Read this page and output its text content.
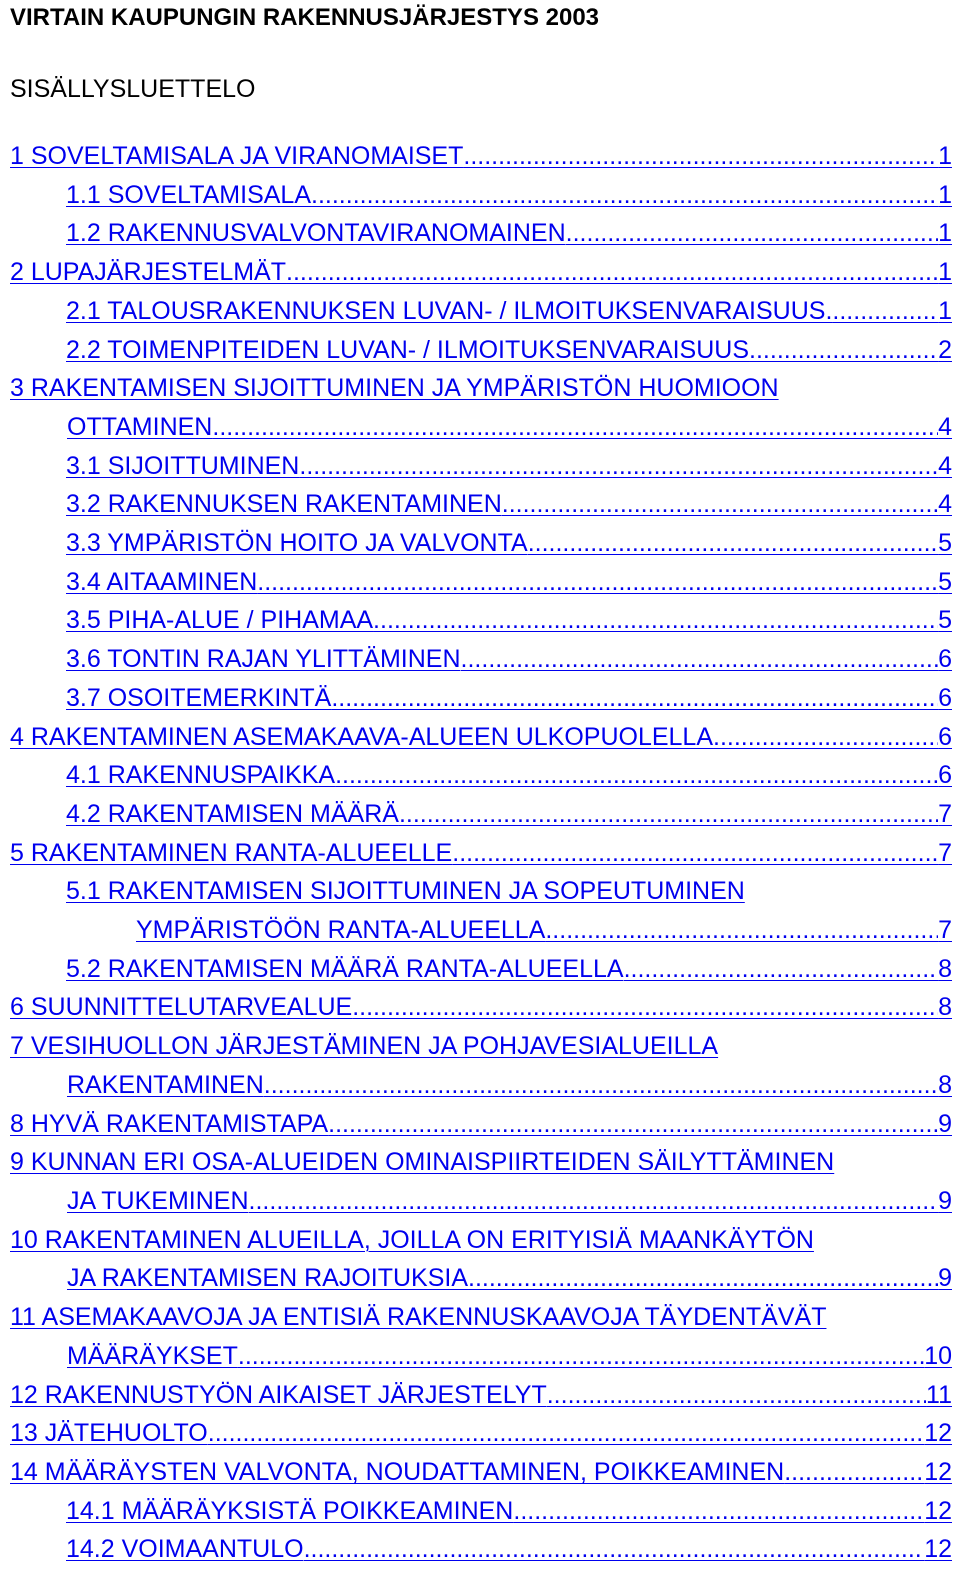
VIRTAIN KAUPUNGIN RAKENNUSJÄRJESTYS 2003
SISÄLLYSLUETTELO
1 SOVELTAMISALA JA VIRANOMAISET .....	1
1.1 SOVELTAMISALA .....	1
1.2 RAKENNUSVALVONTAVIRANOMAINEN .....	1
2 LUPAJÄRJESTELMÄT .....	1
2.1 TALOUSRAKENNUKSEN LUVAN- / ILMOITUKSENVARAISUUS. .....	1
2.2 TOIMENPITEIDEN LUVAN- / ILMOITUKSENVARAISUUS .....	2
3 RAKENTAMISEN SIJOITTUMINEN JA YMPÄRISTÖN HUOMIOON
OTTAMINEN .....	4
3.1 SIJOITTUMINEN .....	4
3.2 RAKENNUKSEN RAKENTAMINEN .....	4
3.3 YMPÄRISTÖN HOITO JA VALVONTA .....	5
3.4 AITAAMINEN .....	5
3.5 PIHA-ALUE / PIHAMAA .....	5
3.6 TONTIN RAJAN YLITTÄMINEN .....	6
3.7 OSOITEMERKINTÄ .....	6
4 RAKENTAMINEN ASEMAKAAVA-ALUEEN ULKOPUOLELLA .....	6
4.1 RAKENNUSPAIKKA .....	6
4.2 RAKENTAMISEN MÄÄRÄ .....	7
5 RAKENTAMINEN RANTA-ALUEELLE .....	7
5.1 RAKENTAMISEN SIJOITTUMINEN JA SOPEUTUMINEN
YMPÄRISTÖÖN RANTA-ALUEELLA .....	7
5.2 RAKENTAMISEN MÄÄRÄ RANTA-ALUEELLA .....	8
6 SUUNNITTELUTARVEALUE .....	8
7 VESIHUOLLON JÄRJESTÄMINEN JA POHJAVESIALUEILLA
RAKENTAMINEN .....	8
8 HYVÄ RAKENTAMISTAPA .....	9
9 KUNNAN ERI OSA-ALUEIDEN OMINAISPIIRTEIDEN SÄILYTTÄMINEN
JA TUKEMINEN .....	9
10 RAKENTAMINEN ALUEILLA, JOILLA ON ERITYISIÄ MAANKÄYTÖN
JA RAKENTAMISEN RAJOITUKSIA .....	9
11 ASEMAKAAVOJA JA ENTISIÄ RAKENNUSKAAVOJA TÄYDENTÄVÄT
MÄÄRÄYKSET .....	10
12 RAKENNUSTYÖN AIKAISET JÄRJESTELYT .....	11
13 JÄTEHUOLTO .....	12
14 MÄÄRÄYSTEN VALVONTA, NOUDATTAMINEN, POIKKEAMINEN .....	12
14.1 MÄÄRÄYKSISTÄ POIKKEAMINEN .....	12
14.2 VOIMAANTULO .....	12
